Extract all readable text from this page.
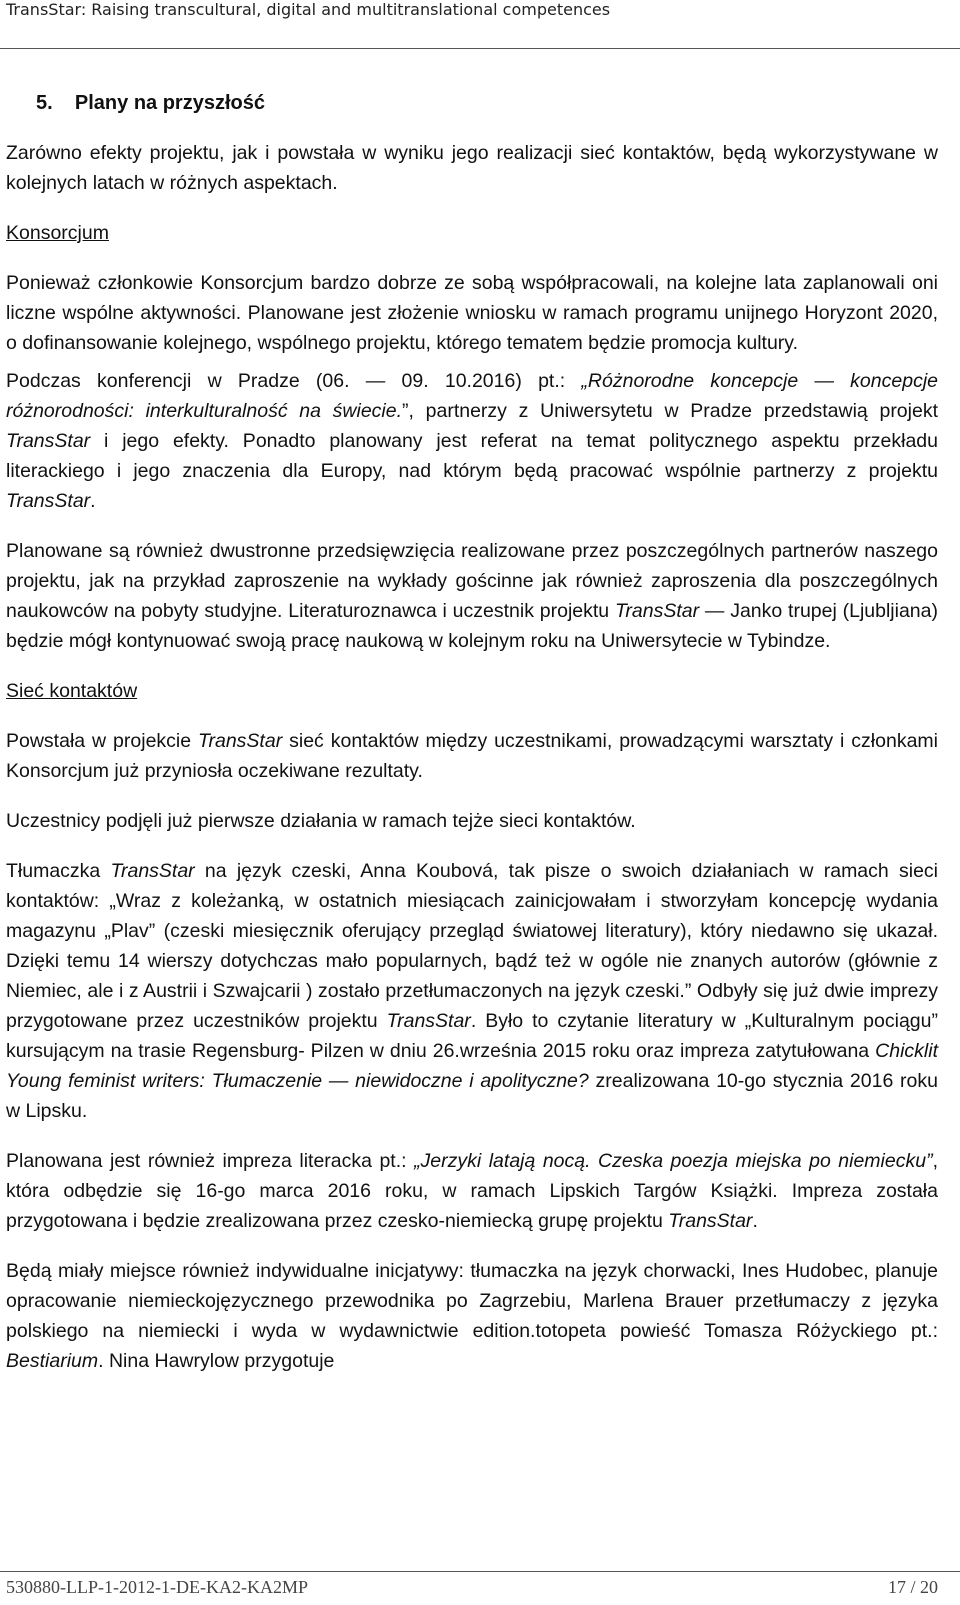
TransStar: Raising transcultural, digital and multitranslational competences
5.    Plany na przyszłość

Zarówno efekty projektu, jak i powstała w wyniku jego realizacji sieć kontaktów, będą wykorzystywane w kolejnych latach w różnych aspektach.

Konsorcjum

Ponieważ członkowie Konsorcjum bardzo dobrze ze sobą współpracowali, na kolejne lata zaplanowali oni liczne wspólne aktywności. Planowane jest złożenie wniosku w ramach programu unijnego Horyzont 2020, o dofinansowanie kolejnego, wspólnego projektu, którego tematem będzie promocja kultury.

Podczas konferencji w Pradze (06. — 09. 10.2016) pt.: „Różnorodne koncepcje — koncepcje różnorodności: interkulturalność na świecie.”, partnerzy z Uniwersytetu w Pradze przedstawią projekt TransStar i jego efekty. Ponadto planowany jest referat na temat politycznego aspektu przekładu literackiego i jego znaczenia dla Europy, nad którym będą pracować wspólnie partnerzy z projektu TransStar.

Planowane są również dwustronne przedsięwzięcia realizowane przez poszczególnych partnerów naszego projektu, jak na przykład zaproszenie na wykłady gościnne jak również zaproszenia dla poszczególnych naukowców na pobyty studyjne. Literaturoznawca i uczestnik projektu TransStar — Janko trupej (Ljubljiana) będzie mógł kontynuować swoją pracę naukową w kolejnym roku na Uniwersytecie w Tybindze.

Sieć kontaktów

Powstała w projekcie TransStar sieć kontaktów między uczestnikami, prowadzącymi warsztaty i członkami Konsorcjum już przyniosła oczekiwane rezultaty.

Uczestnicy podjęli już pierwsze działania w ramach tejże sieci kontaktów.

Tłumaczka TransStar na język czeski, Anna Koubová, tak pisze o swoich działaniach w ramach sieci kontaktów: „Wraz z koleżanką, w ostatnich miesiącach zainicjowałam i stworzyłam koncepcję wydania magazynu „Plav” (czeski miesięcznik oferujący przegląd światowej literatury), który niedawno się ukazał. Dzięki temu 14 wierszy dotychczas mało popularnych, bądź też w ogóle nie znanych autorów (głównie z Niemiec, ale i z Austrii i Szwajcarii ) zostało przetłumaczonych na język czeski.” Odbyły się już dwie imprezy przygotowane przez uczestników projektu TransStar. Było to czytanie literatury w „Kulturalnym pociągu” kursującym na trasie Regensburg- Pilzen w dniu 26.września 2015 roku oraz impreza zatytułowana Chicklit Young feminist writers: Tłumaczenie — niewidoczne i apolityczne? zrealizowana 10-go stycznia 2016 roku w Lipsku.

Planowana jest również impreza literacka pt.: „Jerzyki latają nocą. Czeska poezja miejska po niemiecku”, która odbędzie się 16-go marca 2016 roku, w ramach Lipskich Targów Książki. Impreza została przygotowana i będzie zrealizowana przez czesko-niemiecką grupę projektu TransStar.

Będą miały miejsce również indywidualne inicjatywy: tłumaczka na język chorwacki, Ines Hudobec, planuje opracowanie niemieckojęzycznego przewodnika po Zagrzebiu, Marlena Brauer przetłumaczy z języka polskiego na niemiecki i wyda w wydawnictwie edition.totopeta powieść Tomasza Różyckiego pt.: Bestiarium. Nina Hawrylow przygotuje

530880-LLP-1-2012-1-DE-KA2-KA2MP	17 / 20
